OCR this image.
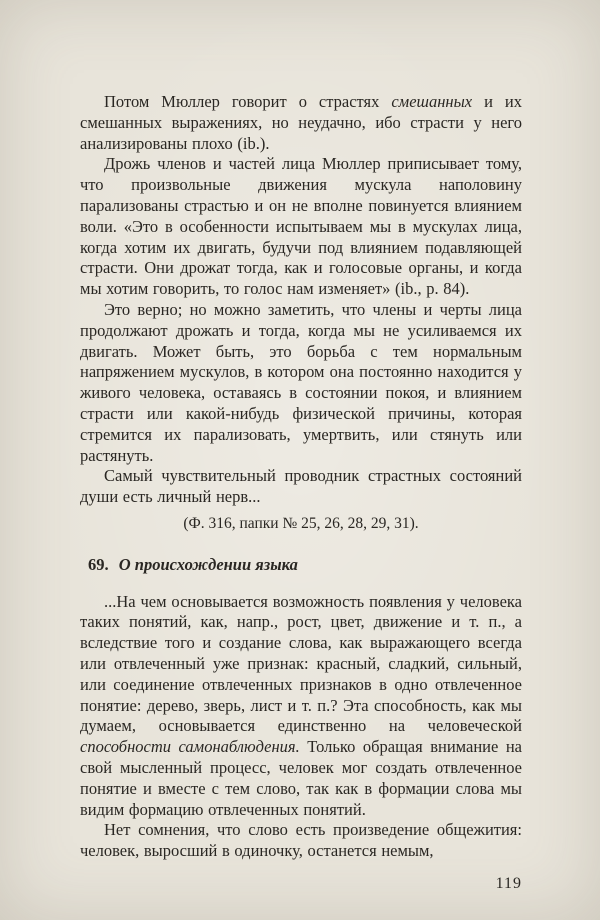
Потом Мюллер говорит о страстях смешанных и их смешанных выражениях, но неудачно, ибо страсти у него анализированы плохо (ib.).

Дрожь членов и частей лица Мюллер приписывает тому, что произвольные движения мускула наполовину парализованы страстью и он не вполне повинуется влиянием воли. «Это в особенности испытываем мы в мускулах лица, когда хотим их двигать, будучи под влиянием подавляющей страсти. Они дрожат тогда, как и голосовые органы, и когда мы хотим говорить, то голос нам изменяет» (ib., p. 84).

Это верно; но можно заметить, что члены и черты лица продолжают дрожать и тогда, когда мы не усиливаемся их двигать. Может быть, это борьба с тем нормальным напряжением мускулов, в котором она постоянно находится у живого человека, оставаясь в состоянии покоя, и влиянием страсти или какой-нибудь физической причины, которая стремится их парализовать, умертвить, или стянуть или растянуть.

Самый чувствительный проводник страстных состояний души есть личный нерв...

(Ф. 316, папки № 25, 26, 28, 29, 31).

69. О происхождении языка

...На чем основывается возможность появления у человека таких понятий, как, напр., рост, цвет, движение и т. п., а вследствие того и создание слова, как выражающего всегда или отвлеченный уже признак: красный, сладкий, сильный, или соединение отвлеченных признаков в одно отвлеченное понятие: дерево, зверь, лист и т. п.? Эта способность, как мы думаем, основывается единственно на человеческой способности самонаблюдения. Только обращая внимание на свой мысленный процесс, человек мог создать отвлеченное понятие и вместе с тем слово, так как в формации слова мы видим формацию отвлеченных понятий.

Нет сомнения, что слово есть произведение общежития: человек, выросший в одиночку, останется немым,

119
